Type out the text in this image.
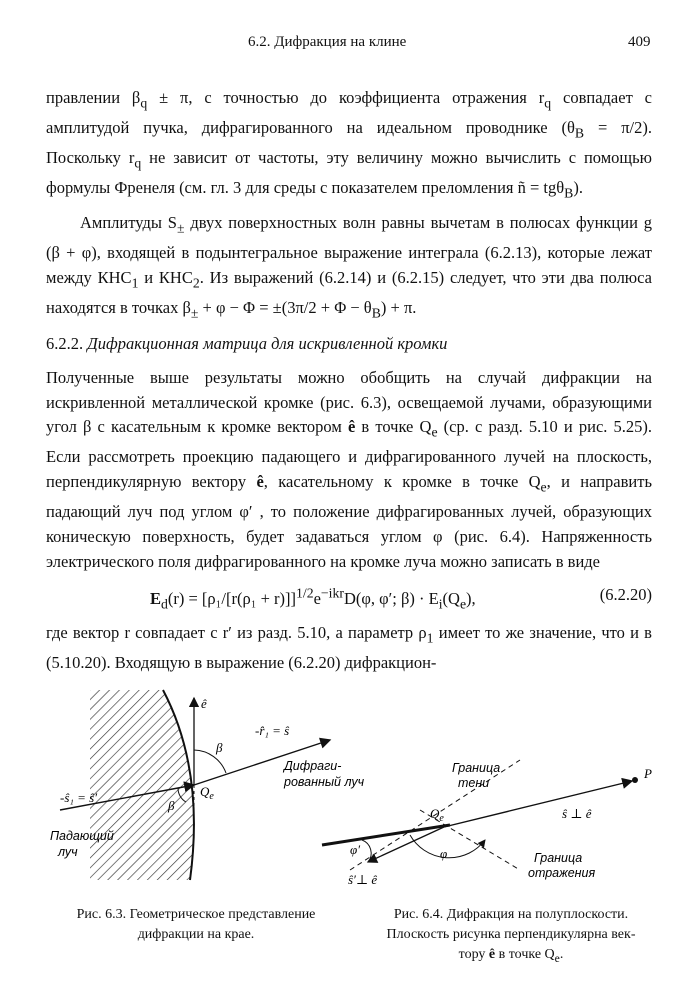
6.2. Дифракция на клине	409

правлении $\beta_q \pm \pi$, с точностью до коэффициента отражения $r_q$ совпадает с амплитудой пучка, дифрагированного на идеальном проводнике $(\theta_B = \pi/2)$. Поскольку $r_q$ не зависит от частоты, эту величину можно вычислить с помощью формулы Френеля (см. гл. 3 для среды с показателем преломления ñ = tgθ$_B$).

Амплитуды $S_\pm$ двух поверхностных волн равны вычетам в полюсах функции g (β + φ), входящей в подынтегральное выражение интеграла (6.2.13), которые лежат между $КНС_1$ и $КНС_2$. Из выражений (6.2.14) и (6.2.15) следует, что эти два полюса находятся в точках $\beta_\pm + \varphi - \Phi = \pm(3\pi/2 + \Phi - \theta_B) + \pi$.

6.2.2. Дифракционная матрица для искривленной кромки

Полученные выше результаты можно обобщить на случай дифракции на искривленной металлической кромке (рис. 6.3), освещаемой лучами, образующими угол β с касательным к кромке вектором ê в точке $Q_e$ (ср. с разд. 5.10 и рис. 5.25). Если рассмотреть проекцию падающего и дифрагированного лучей на плоскость, перпендикулярную вектору ê, касательному к кромке в точке $Q_e$, и направить падающий луч под углом φ′ , то положение дифрагированных лучей, образующих коническую поверхность, будет задаваться углом φ (рис. 6.4). Напряженность электрического поля дифрагированного на кромке луча можно записать в виде

$E_d(r) = [\rho_1/[r(\rho_1 + r)]]^{1/2}e^{-ikr}D(\varphi$, φ′; $\beta) \cdot E_i(Q_e)$,	(6.2.20)

где вектор r совпадает с r′ из разд. 5.10, а параметр $\rho_1$ имеет то же значение, что и в (5.10.20). Входящую в выражение (6.2.20) дифракцион-

ê
-r̂₁ = ŝ
β
Дифраги-
рованный луч
$Q_e$
-ŝ₁ = ŝ′
β
Падающий
луч
Граница
тени
P
$Q_e$	ŝ ⊥ ê
φ′	φ
ŝ′⊥ ê
Граница
отражения
Рис. 6.3. Геометрическое представление
дифракции на крае.
Рис. 6.4. Дифракция на полуплоскости.
Плоскость рисунка перпендикулярна век-
тору ê в точке $Q_e$.
